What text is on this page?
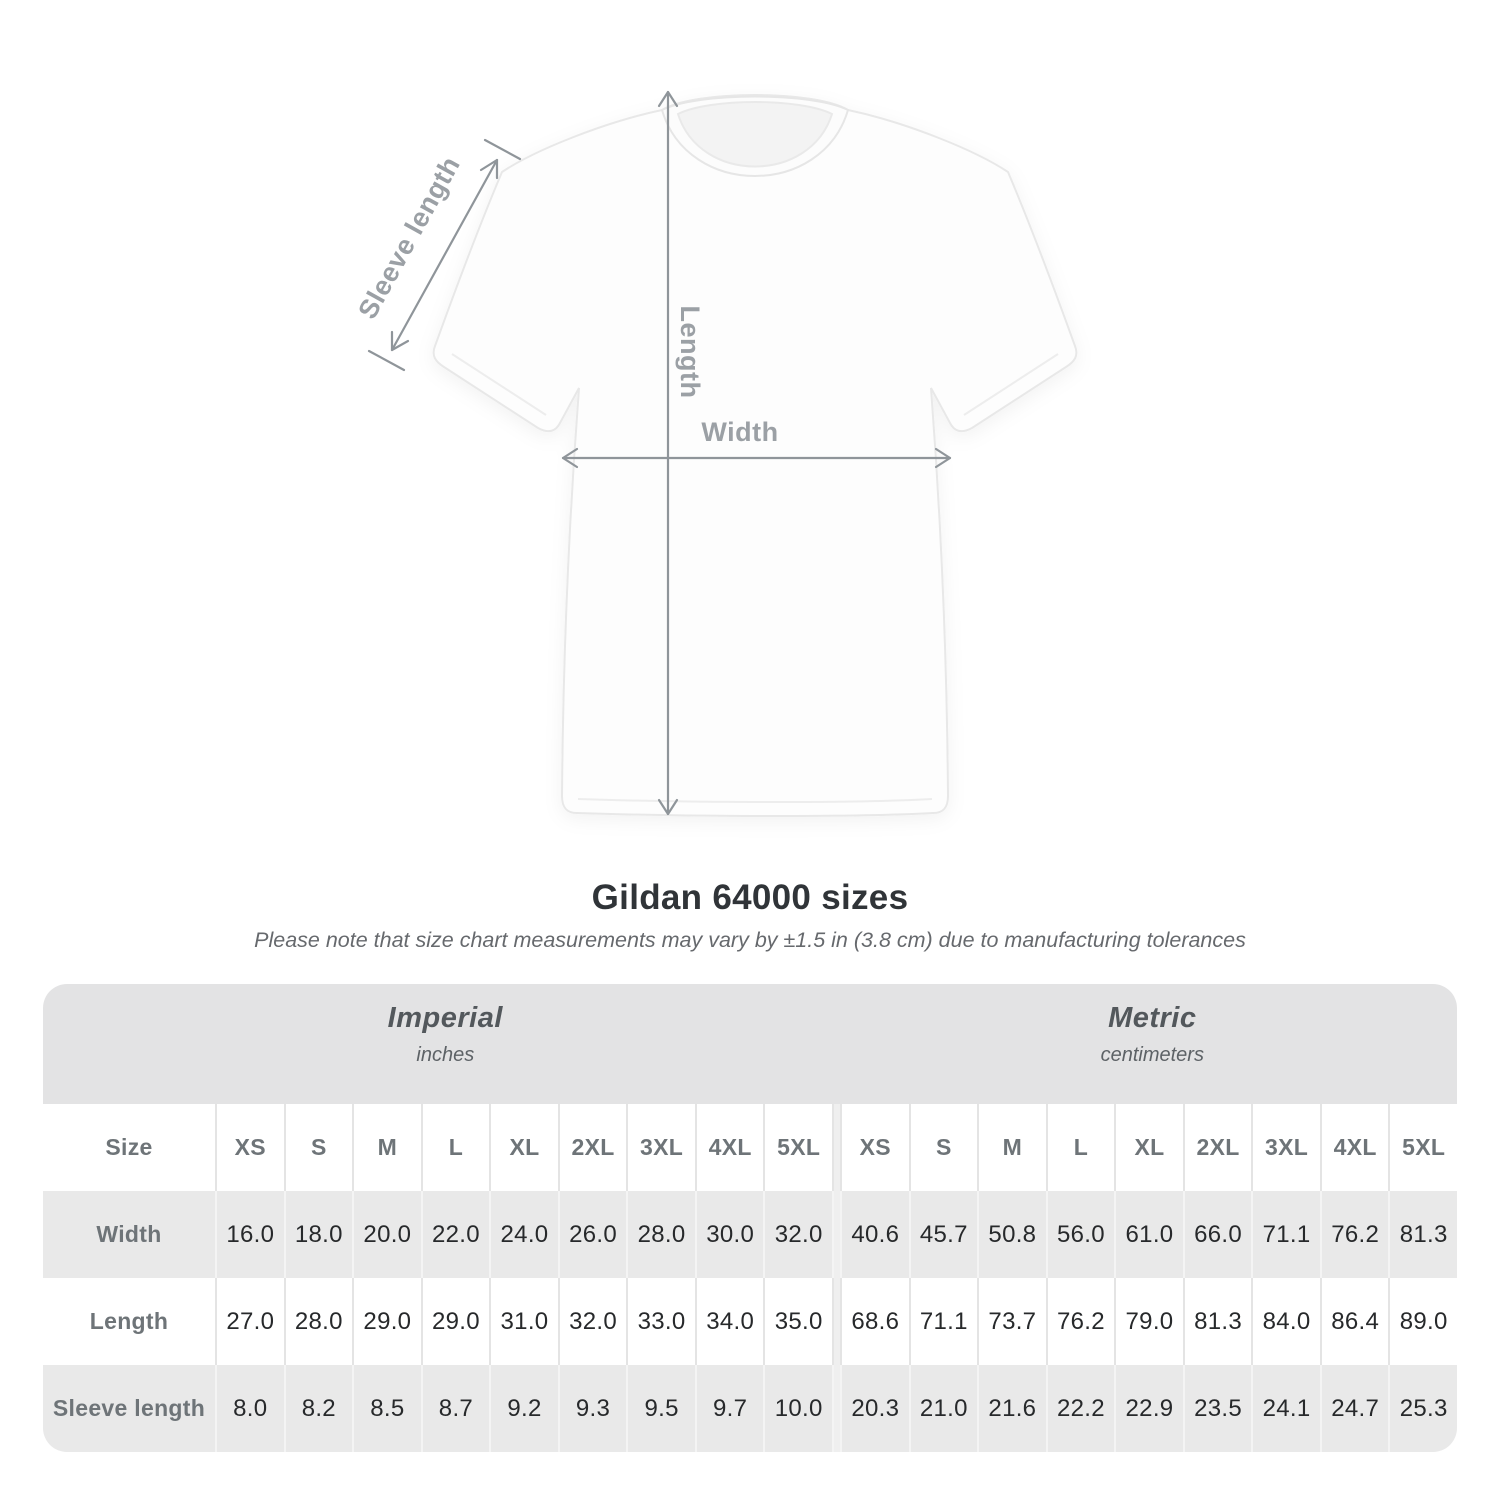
Length
Width
Sleeve length
Gildan 64000 sizes
Please note that size chart measurements may vary by ±1.5 in (3.8 cm) due to manufacturing tolerances
Imperial
inches
Metric
centimeters
Size	XS	S	M	L	XL	2XL	3XL	4XL	5XL	XS	S	M	L	XL	2XL	3XL	4XL	5XL
Width	16.0 18.0 20.0 22.0 24.0 26.0 28.0 30.0 32.0	40.6 45.7 50.8 56.0 61.0 66.0 71.1 76.2 81.3
Length	27.0 28.0 29.0 29.0 31.0 32.0 33.0 34.0 35.0	68.6 71.1 73.7 76.2 79.0 81.3 84.0 86.4 89.0
Sleeve length	8.0	8.2	8.5	8.7	9.2	9.3	9.5	9.7	10.0	20.3 21.0 21.6 22.2 22.9 23.5 24.1 24.7 25.3
